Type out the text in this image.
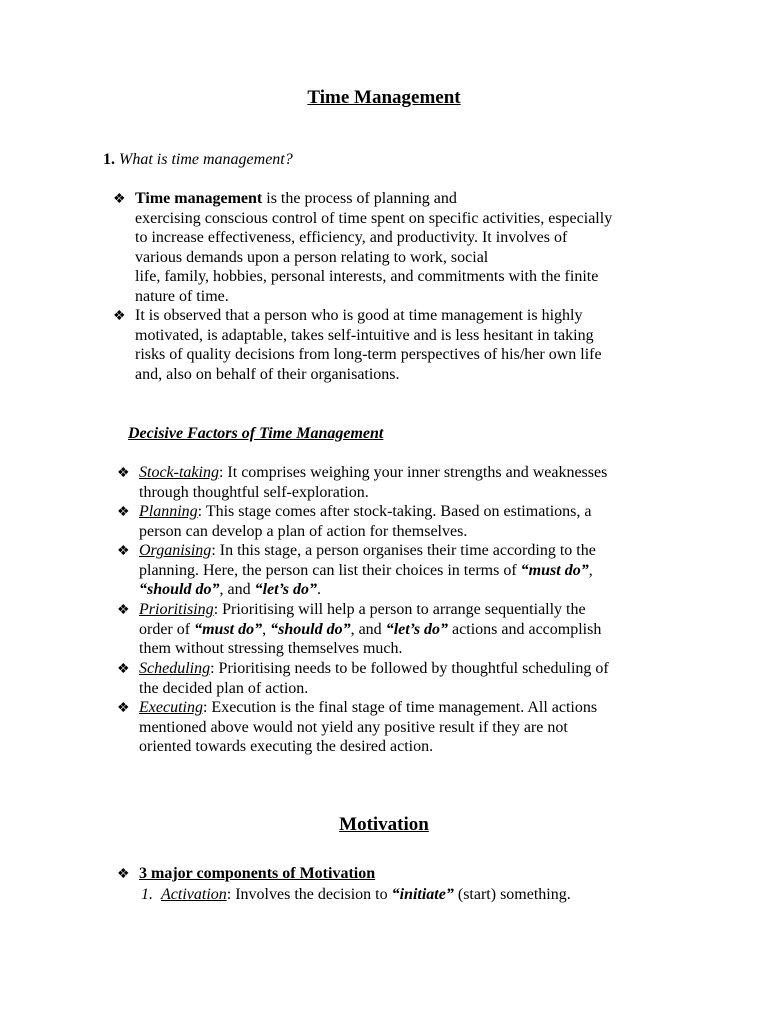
Time Management
1. What is time management?
❖ Time management is the process of planning and
exercising conscious control of time spent on specific activities, especially
to increase effectiveness, efficiency, and productivity. It involves of
various demands upon a person relating to work, social
life, family, hobbies, personal interests, and commitments with the finite
nature of time.
❖ It is observed that a person who is good at time management is highly
motivated, is adaptable, takes self-intuitive and is less hesitant in taking
risks of quality decisions from long-term perspectives of his/her own life
and, also on behalf of their organisations.
Decisive Factors of Time Management
❖ Stock-taking: It comprises weighing your inner strengths and weaknesses
through thoughtful self-exploration.
❖ Planning: This stage comes after stock-taking. Based on estimations, a
person can develop a plan of action for themselves.
❖ Organising: In this stage, a person organises their time according to the
planning. Here, the person can list their choices in terms of “must do”,
“should do”, and “let’s do”.
❖ Prioritising: Prioritising will help a person to arrange sequentially the
order of “must do”, “should do”, and “let’s do” actions and accomplish
them without stressing themselves much.
❖ Scheduling: Prioritising needs to be followed by thoughtful scheduling of
the decided plan of action.
❖ Executing: Execution is the final stage of time management. All actions
mentioned above would not yield any positive result if they are not
oriented towards executing the desired action.
Motivation
❖ 3 major components of Motivation
1. Activation: Involves the decision to “initiate” (start) something.
